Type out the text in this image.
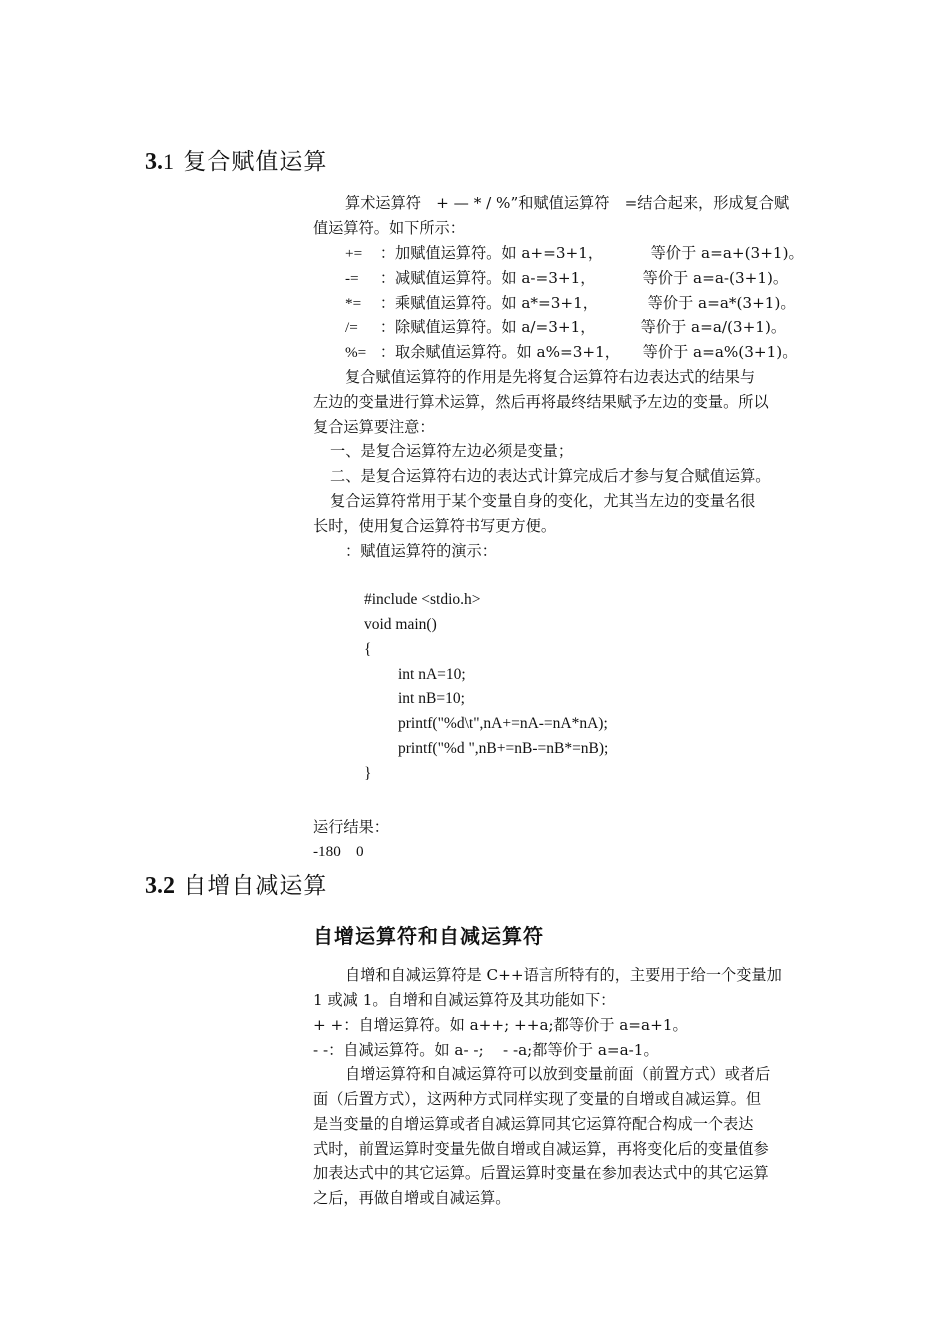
3.1 复合赋值运算
算术运算符　+ — * / %”和赋值运算符　=结合起来，形成复合赋
值运算符。如下所示：
+= ：加赋值运算符。如 a+=3+1，	等价于 a=a+(3+1)。
-= ：减赋值运算符。如 a-=3+1，	等价于 a=a-(3+1)。
*= ：乘赋值运算符。如 a*=3+1，	等价于 a=a*(3+1)。
/= ：除赋值运算符。如 a/=3+1，	等价于 a=a/(3+1)。
%= ：取余赋值运算符。如 a%=3+1， 等价于 a=a%(3+1)。
复合赋值运算符的作用是先将复合运算符右边表达式的结果与
左边的变量进行算术运算，然后再将最终结果赋予左边的变量。所以
复合运算要注意：
一、是复合运算符左边必须是变量；
二、是复合运算符右边的表达式计算完成后才参与复合赋值运算。
复合运算符常用于某个变量自身的变化，尤其当左边的变量名很
长时，使用复合运算符书写更方便。
：赋值运算符的演示：
#include <stdio.h>
void main()
{
int nA=10;
int nB=10;
printf("%d\t",nA+=nA-=nA*nA);
printf("%d ",nB+=nB-=nB*=nB);
}
运行结果：
-180    0
3.2 自增自减运算
自增运算符和自减运算符
自增和自减运算符是 C++语言所特有的，主要用于给一个变量加
1 或减 1。自增和自减运算符及其功能如下：
+ +：自增运算符。如 a++; ++a;都等价于 a=a+1。
- -：自减运算符。如 a- -;    - -a;都等价于 a=a-1。
自增运算符和自减运算符可以放到变量前面（前置方式）或者后
面（后置方式），这两种方式同样实现了变量的自增或自减运算。但
是当变量的自增运算或者自减运算同其它运算符配合构成一个表达
式时，前置运算时变量先做自增或自减运算，再将变化后的变量值参
加表达式中的其它运算。后置运算时变量在参加表达式中的其它运算
之后，再做自增或自减运算。
